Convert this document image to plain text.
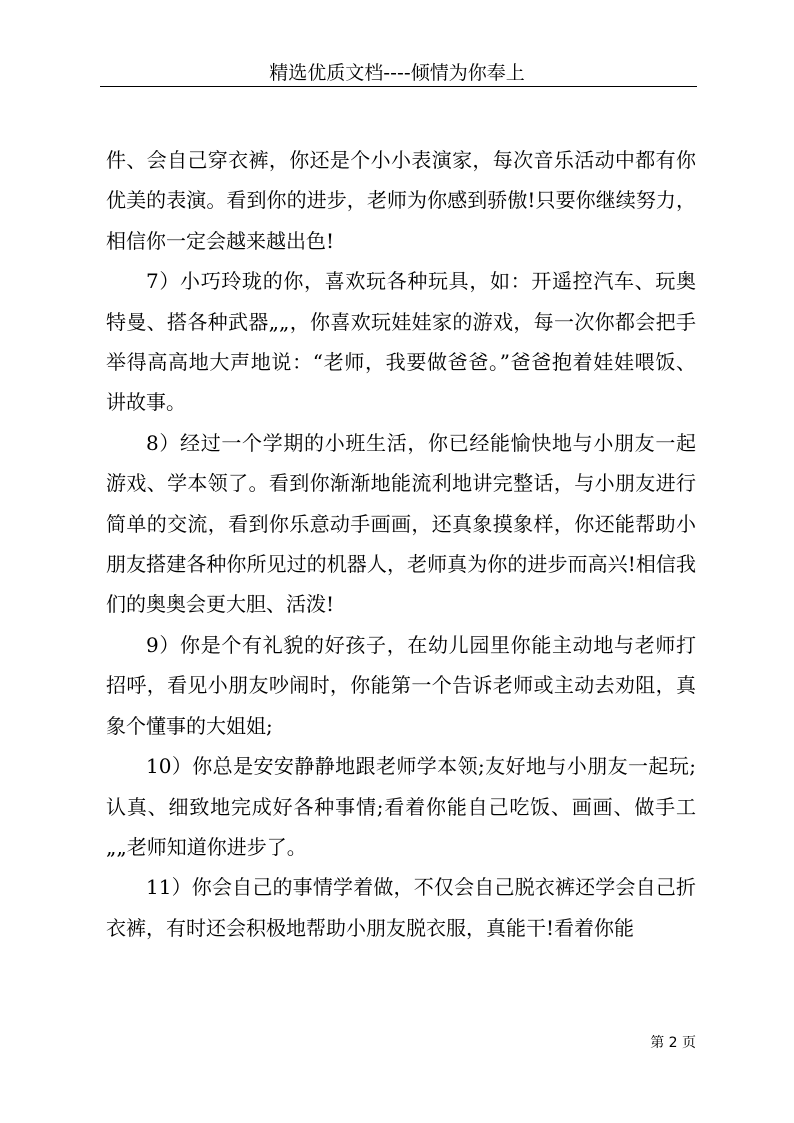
精选优质文档----倾情为你奉上

件、会自己穿衣裤，你还是个小小表演家，每次音乐活动中都有你优美的表演。看到你的进步，老师为你感到骄傲!只要你继续努力，相信你一定会越来越出色!

7）小巧玲珑的你，喜欢玩各种玩具，如：开遥控汽车、玩奥特曼、搭各种武器„„，你喜欢玩娃娃家的游戏，每一次你都会把手举得高高地大声地说：“老师，我要做爸爸。”爸爸抱着娃娃喂饭、讲故事。

8）经过一个学期的小班生活，你已经能愉快地与小朋友一起游戏、学本领了。看到你渐渐地能流利地讲完整话，与小朋友进行简单的交流，看到你乐意动手画画，还真象摸象样，你还能帮助小朋友搭建各种你所见过的机器人，老师真为你的进步而高兴!相信我们的奥奥会更大胆、活泼!

9）你是个有礼貌的好孩子，在幼儿园里你能主动地与老师打招呼，看见小朋友吵闹时，你能第一个告诉老师或主动去劝阻，真象个懂事的大姐姐;

10）你总是安安静静地跟老师学本领;友好地与小朋友一起玩;认真、细致地完成好各种事情;看着你能自己吃饭、画画、做手工„„老师知道你进步了。

11）你会自己的事情学着做，不仅会自己脱衣裤还学会自己折衣裤，有时还会积极地帮助小朋友脱衣服，真能干!看着你能

第 2 页
